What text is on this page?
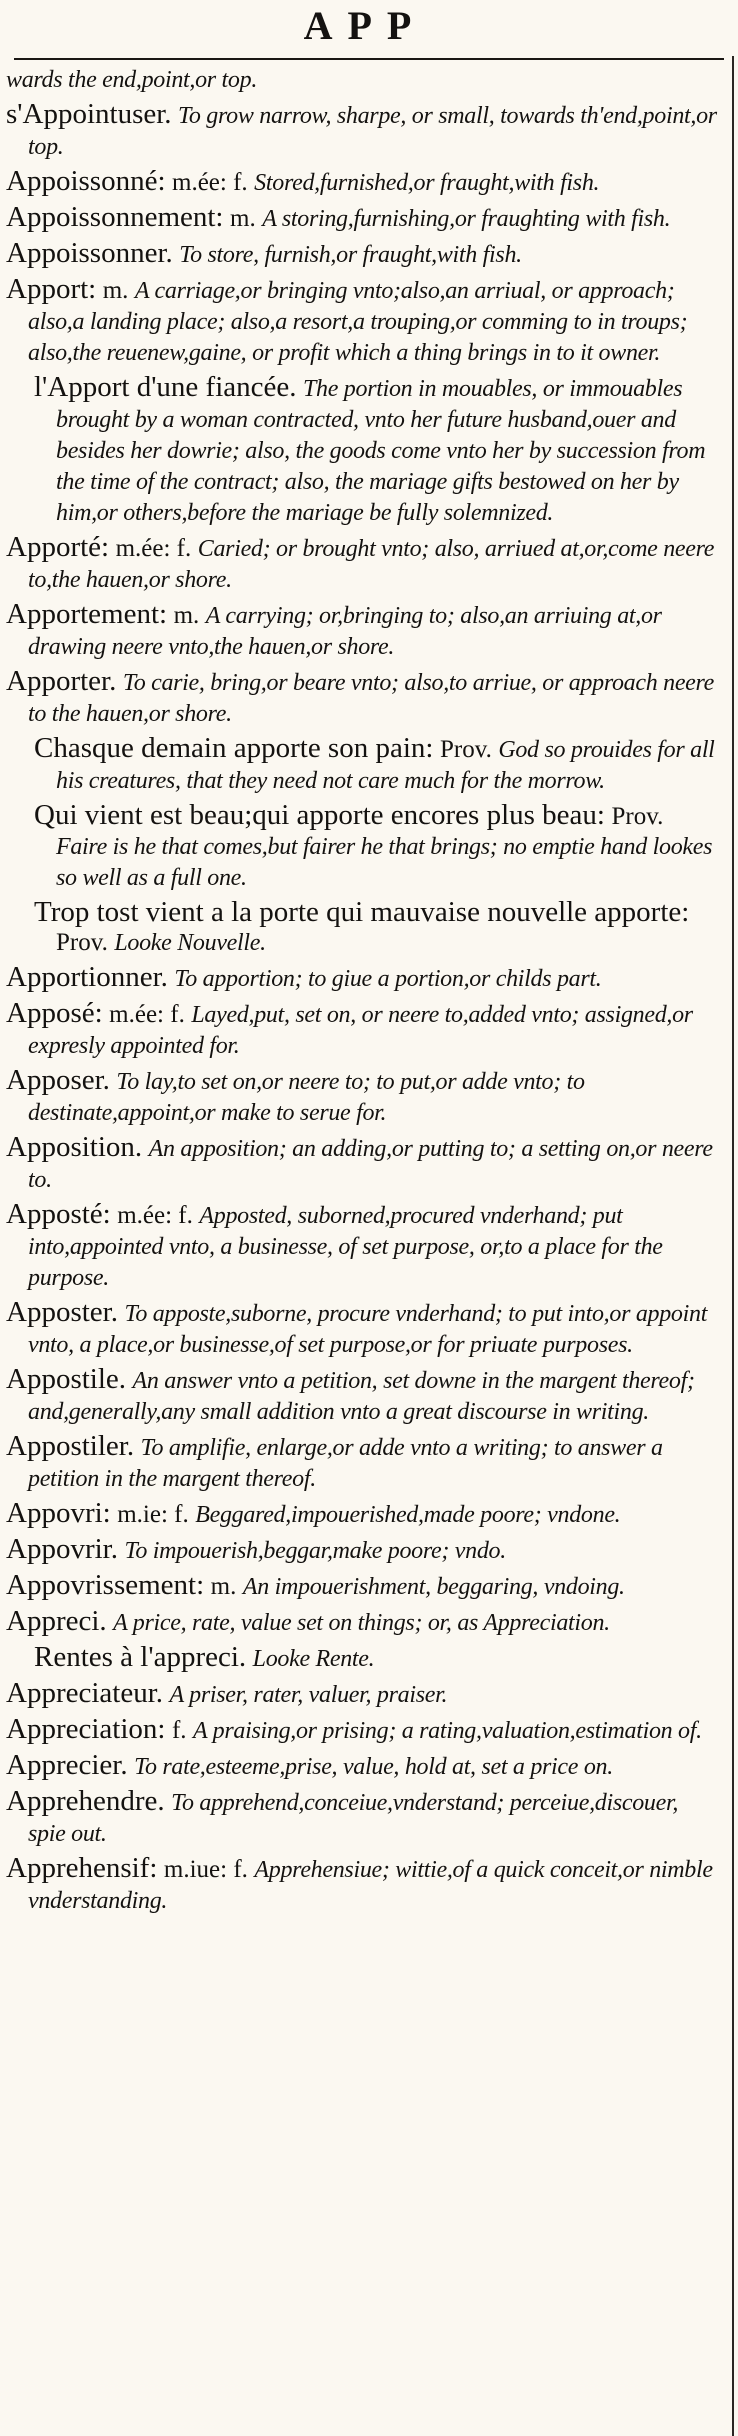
APP

wards the end,point,or top.

s'Appointuser. To grow narrow, sharpe, or small, towards th'end,point,or top.

Appoissonné: m.ée: f. Stored,furnished,or fraught,with fish.

Appoissonnement: m. A storing,furnishing,or fraughting with fish.

Appoissonner. To store, furnish,or fraught,with fish.

Apport: m. A carriage,or bringing vnto;also,an arriual, or approach; also,a landing place; also,a resort,a trouping,or comming to in troups; also,the reuenew,gaine, or profit which a thing brings in to it owner.

l'Apport d'une fiancée. The portion in mouables, or immouables brought by a woman contracted, vnto her future husband,ouer and besides her dowrie; also, the goods come vnto her by succession from the time of the contract; also, the mariage gifts bestowed on her by him,or others,before the mariage be fully solemnized.

Apporté: m.ée: f. Caried; or brought vnto; also, arriued at,or,come neere to,the hauen,or shore.

Apportement: m. A carrying; or,bringing to; also,an arriuing at,or drawing neere vnto,the hauen,or shore.

Apporter. To carie, bring,or beare vnto; also,to arriue, or approach neere to the hauen,or shore.

Chasque demain apporte son pain: Prov. God so prouides for all his creatures, that they need not care much for the morrow.

Qui vient est beau;qui apporte encores plus beau: Prov. Faire is he that comes,but fairer he that brings; no emptie hand lookes so well as a full one.

Trop tost vient a la porte qui mauvaise nouvelle apporte: Prov. Looke Nouvelle.

Apportionner. To apportion; to giue a portion,or childs part.

Apposé: m.ée: f. Layed,put, set on, or neere to,added vnto; assigned,or expresly appointed for.

Apposer. To lay,to set on,or neere to; to put,or adde vnto; to destinate,appoint,or make to serue for.

Apposition. An apposition; an adding,or putting to; a setting on,or neere to.

Apposté: m.ée: f. Apposted, suborned,procured vnderhand; put into,appointed vnto, a businesse, of set purpose, or,to a place for the purpose.

Apposter. To apposte,suborne, procure vnderhand; to put into,or appoint vnto, a place,or businesse,of set purpose,or for priuate purposes.

Appostile. An answer vnto a petition, set downe in the margent thereof; and,generally,any small addition vnto a great discourse in writing.

Appostiler. To amplifie, enlarge,or adde vnto a writing; to answer a petition in the margent thereof.

Appovri: m.ie: f. Beggared,impouerished,made poore; vndone.

Appovrir. To impouerish,beggar,make poore; vndo.

Appovrissement: m. An impouerishment, beggaring, vndoing.

Appreci. A price, rate, value set on things; or, as Appreciation.

Rentes à l'appreci. Looke Rente.

Appreciateur. A priser, rater, valuer, praiser.

Appreciation: f. A praising,or prising; a rating,valuation,estimation of.

Apprecier. To rate,esteeme,prise, value, hold at, set a price on.

Apprehendre. To apprehend,conceiue,vnderstand; perceiue,discouer, spie out.

Apprehensif: m.iue: f. Apprehensiue; wittie,of a quick conceit,or nimble vnderstanding.
